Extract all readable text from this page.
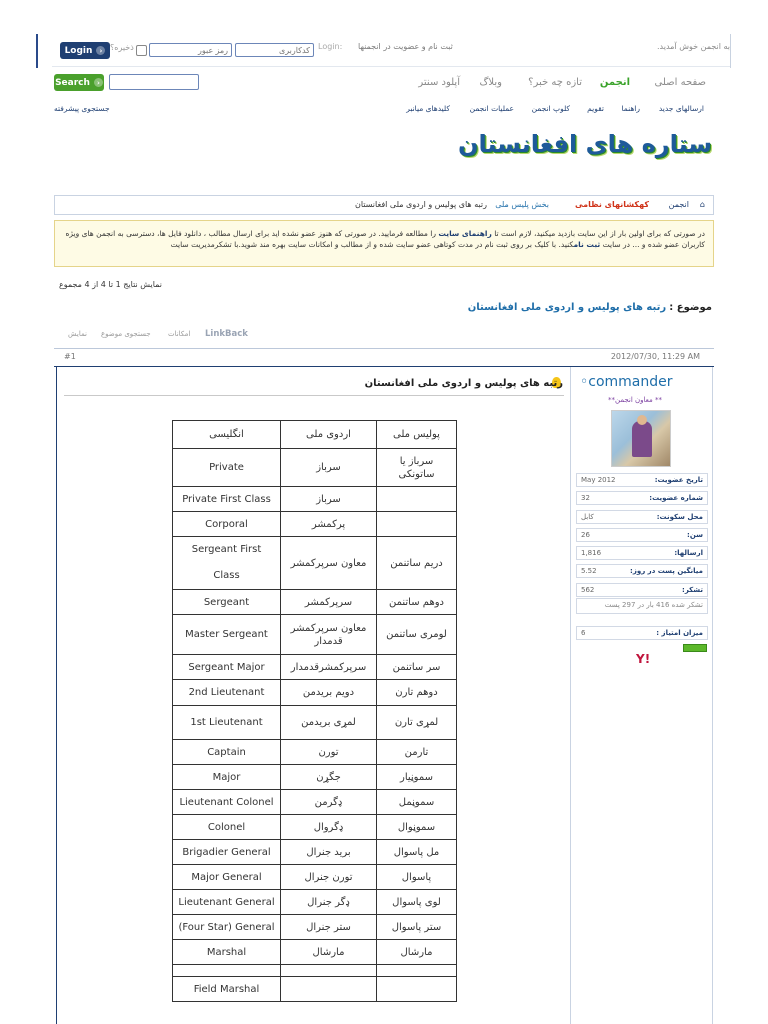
به انجمن خوش آمدید.
ثبت نام و عضویت در انجمنها
Login:
کدکاربری
رمز عبور
ذخیره؟
Login	›
Search	›
جستجوی پیشرفته
صفحه اصلی
انجمن
تازه چه خبر؟
وبلاگ
آپلود سنتر
ارسالهای جدید
راهنما
تقویم
کلوپ انجمن
عملیات انجمن
کلیدهای میانبر
ستاره های افغانستان
⌂
انجمن
کهکشانهای نظامی
بخش پلیس ملی
رتبه های پولیس و اردوی ملی افغانستان
در صورتی که برای اولین بار از این سایت بازدید میکنید، لازم است تا راهنمای سایت را مطالعه فرمایید. در صورتی که هنوز عضو نشده اید برای ارسال مطالب ، دانلود فایل ها، دسترسی به انجمن های ویژه کاربران عضو شده و ... در سایت ثبت نامکنید. با کلیک بر روی ثبت نام در مدت کوتاهی عضو سایت شده و از مطالب و امکانات سایت بهره مند شوید.با تشکرمدیریت سایت
نمایش نتایج 1 تا 4 از 4 مجموع
موضوع : رتبه های پولیس و اردوی ملی افغانستان
نمایش جستجوی موضوع امکانات LinkBack
2012/07/30, 11:29 AM
#1
◦commander
**معاون انجمن **
تاریخ عضویت:
May 2012
شماره عضویت:
32
محل سکونت:
کابل
سن:
26
ارسالها:
1,816
میانگین پست در روز:
5.52
تشکر:
562
تشکر شده 416 بار در 297 پست
میزان امتیاز :
6
Y!
رتبه های پولیس و اردوی ملی افغانستان
انگلیسی	اردوی ملی	پولیس ملی
Private	سرباز	سرباز یا ساتونکی
Private First Class	سرباز	
Corporal	پرکمشر	
Sergeant First Class	معاون سرپرکمشر	دریم ساتنمن
Sergeant	سرپرکمشر	دوهم ساتنمن
Master Sergeant	معاون سرپرکمشر قدمدار	لومری ساتنمن
Sergeant Major	سرپرکمشرقدمدار	سر ساتنمن
2nd Lieutenant	دویم بریدمن	دوهم تارن
1st Lieutenant	لمړی بریدمن	لمړی تارن
Captain	تورن	تارمن
Major	جگړن	سموڼیار
Lieutenant Colonel	ډگرمن	سموڼمل
Colonel	ډگروال	سموڼوال
Brigadier General	برید جنرال	مل پاسوال
Major General	تورن جنرال	پاسوال
Lieutenant General	ډگر جنرال	لوی پاسوال
(Four Star) General	ستر جنرال	ستر پاسوال
Marshal	مارشال	مارشال

Field Marshal		
